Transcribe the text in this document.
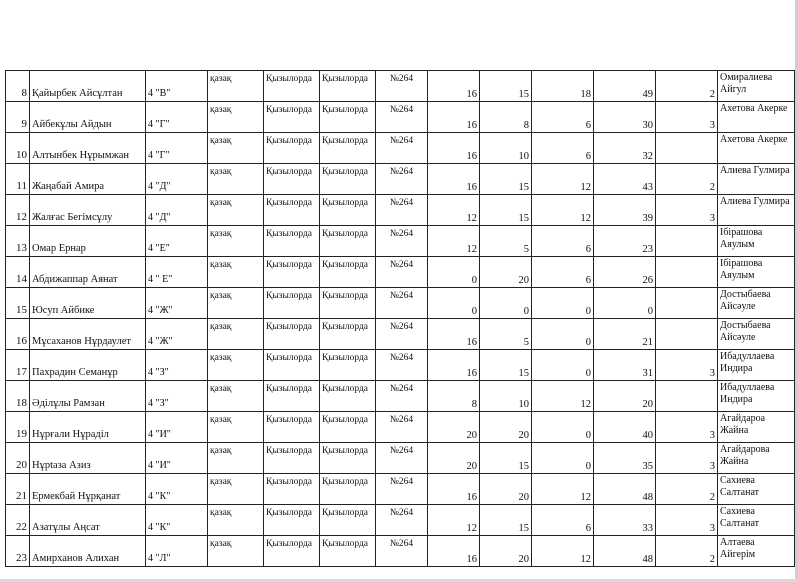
8	Қайырбек Айсұлтан	4 "В"	қазақ	Қызылорда	Қызылорда	№264	16	15	18	49	2	Омиралиева Айгул
9	Айбекұлы Айдын	4 "Г"	қазақ	Қызылорда	Қызылорда	№264	16	8	6	30	3	Ахетова Акерке
10	Алтынбек Нұрымжан	4 "Г"	қазақ	Қызылорда	Қызылорда	№264	16	10	6	32		Ахетова Акерке
11	Жаңабай Амира	4 "Д"	қазақ	Қызылорда	Қызылорда	№264	16	15	12	43	2	Алиева Гулмира
12	Жалғас Бегімсұлу	4 "Д"	қазақ	Қызылорда	Қызылорда	№264	12	15	12	39	3	Алиева Гулмира
13	Омар Ернар	4 "Е"	қазақ	Қызылорда	Қызылорда	№264	12	5	6	23		Ібірашова Аяулым
14	Абдижаппар Аянат	4 " Е"	қазақ	Қызылорда	Қызылорда	№264	0	20	6	26		Ібірашова Аяулым
15	Юсуп Айбике	4 "Ж"	қазақ	Қызылорда	Қызылорда	№264	0	0	0	0		Достыбаева Айсәуле
16	Мұсаханов Нұрдаулет	4 "Ж"	қазақ	Қызылорда	Қызылорда	№264	16	5	0	21		Достыбаева Айсәуле
17	Пахрадин Семанұр	4 "З"	қазақ	Қызылорда	Қызылорда	№264	16	15	0	31	3	Ибадуллаева Индира
18	Әділұлы Рамзан	4 "З"	қазақ	Қызылорда	Қызылорда	№264	8	10	12	20		Ибадуллаева Индира
19	Нұрғали Нұраділ	4 "И"	қазақ	Қызылорда	Қызылорда	№264	20	20	0	40	3	Агайдароа Жайна
20	Нұрtaза Азиз	4 "И"	қазақ	Қызылорда	Қызылорда	№264	20	15	0	35	3	Агайдарова Жайна
21	Ермекбай Нұрқанат	4 "К"	қазақ	Қызылорда	Қызылорда	№264	16	20	12	48	2	Сахиева Салтанат
22	Азатұлы Аңсат	4 "К"	қазақ	Қызылорда	Қызылорда	№264	12	15	6	33	3	Сахиева Салтанат
23	Амирханов Алихан	4 "Л"	қазақ	Қызылорда	Қызылорда	№264	16	20	12	48	2	Алтаева Айгерім
